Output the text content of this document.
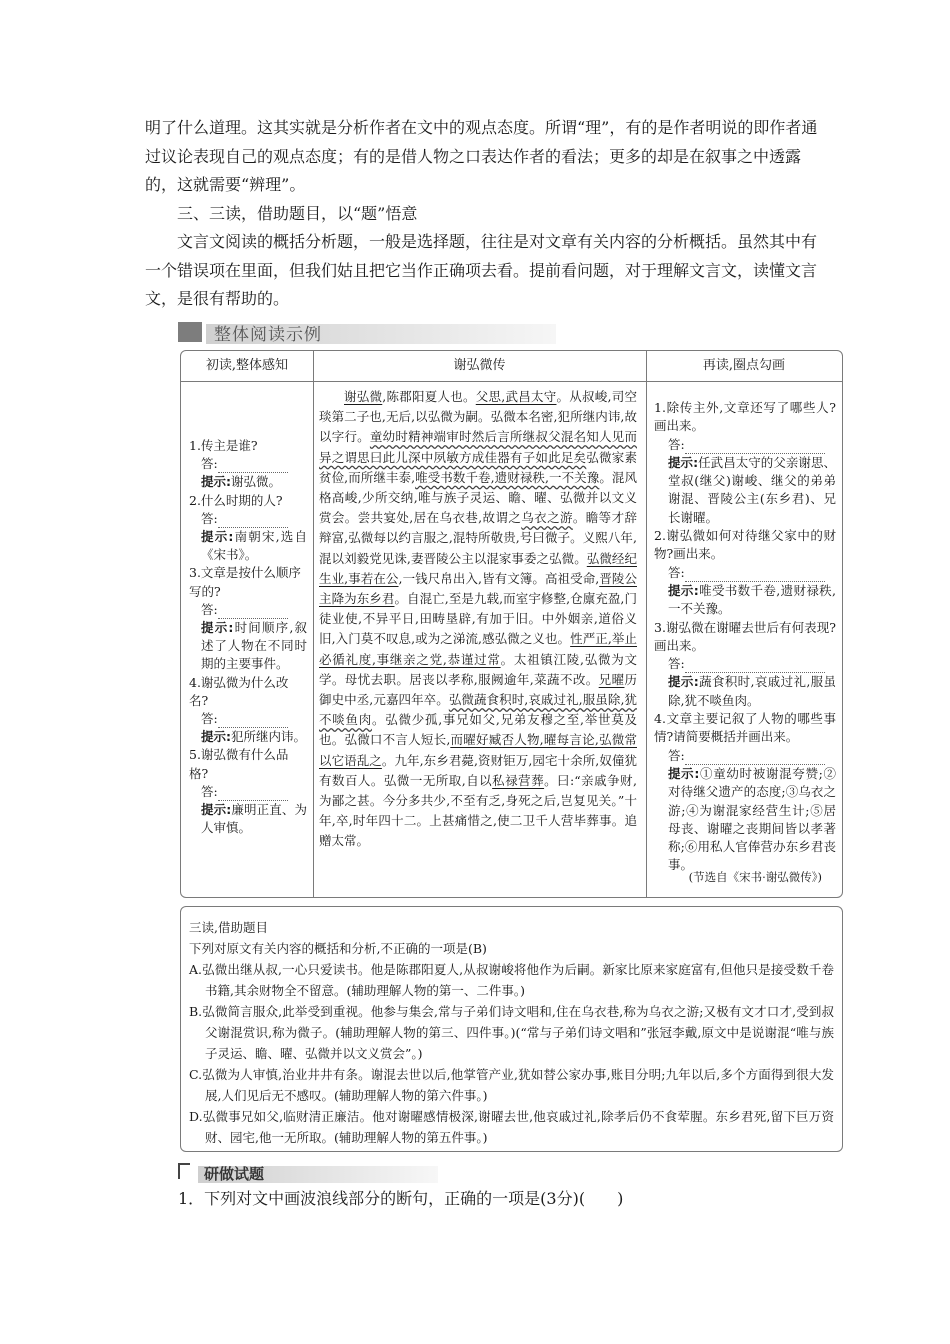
明了什么道理。这其实就是分析作者在文中的观点态度。所谓“理”，有的是作者明说的即作者通过议论表现自己的观点态度；有的是借人物之口表达作者的看法；更多的却是在叙事之中透露的，这就需要“辨理”。

三、三读，借助题目，以“题”悟意

文言文阅读的概括分析题，一般是选择题，往往是对文章有关内容的分析概括。虽然其中有一个错误项在里面，但我们姑且把它当作正确项去看。提前看问题，对于理解文言文，读懂文言文，是很有帮助的。

整体阅读示例
初读,整体感知	谢弘微传	再读,圈点勾画

1.传主是谁?

答:

提示:谢弘微。

2.什么时期的人?

答:

提示:南朝宋,选自《宋书》。

3.文章是按什么顺序写的?

答:

提示:时间顺序,叙述了人物在不同时期的主要事件。

4.谢弘微为什么改名?

答:

提示:犯所继内讳。

5.谢弘微有什么品格?

答:

提示:廉明正直、为人审慎。

谢弘微,陈郡阳夏人也。父思,武昌太守。从叔峻,司空琰第二子也,无后,以弘微为嗣。弘微本名密,犯所继内讳,故以字行。童幼时精神端审时然后言所继叔父混名知人见而异之谓思曰此儿深中夙敏方成佳器有子如此足矣弘微家素贫俭,而所继丰泰,唯受书数千卷,遗财禄秩,一不关豫。混风格高峻,少所交纳,唯与族子灵运、瞻、曜、弘微并以文义赏会。尝共宴处,居在乌衣巷,故谓之乌衣之游。瞻等才辞辩富,弘微每以约言服之,混特所敬贵,号曰微子。义熙八年,混以刘毅党见诛,妻晋陵公主以混家事委之弘微。弘微经纪生业,事若在公,一钱尺帛出入,皆有文簿。高祖受命,晋陵公主降为东乡君。自混亡,至是九载,而室宇修整,仓廪充盈,门徒业使,不异平日,田畴垦辟,有加于旧。中外姻亲,道俗义旧,入门莫不叹息,或为之涕流,感弘微之义也。性严正,举止必循礼度,事继亲之党,恭谨过常。太祖镇江陵,弘微为文学。母忧去职。居丧以孝称,服阙逾年,菜蔬不改。兄曜历御史中丞,元嘉四年卒。弘微蔬食积时,哀戚过礼,服虽除,犹不啖鱼肉。弘微少孤,事兄如父,兄弟友穆之至,举世莫及也。弘微口不言人短长,而曜好臧否人物,曜每言论,弘微常以它语乱之。九年,东乡君薨,资财钜万,园宅十余所,奴僮犹有数百人。弘微一无所取,自以私禄营葬。曰:“亲戚争财,为鄙之甚。今分多共少,不至有乏,身死之后,岂复见关。”十年,卒,时年四十二。上甚痛惜之,使二卫千人营毕葬事。追赠太常。

(节选自《宋书·谢弘微传》)

1.除传主外,文章还写了哪些人?画出来。

答:

提示:任武昌太守的父亲谢思、堂叔(继父)谢峻、继父的弟弟谢混、晋陵公主(东乡君)、兄长谢曜。

2.谢弘微如何对待继父家中的财物?画出来。

答:

提示:唯受书数千卷,遗财禄秩,一不关豫。

3.谢弘微在谢曜去世后有何表现?画出来。

答:

提示:蔬食积时,哀戚过礼,服虽除,犹不啖鱼肉。

4.文章主要记叙了人物的哪些事情?请简要概括并画出来。

答:

提示:①童幼时被谢混夸赞;②对待继父遗产的态度;③乌衣之游;④为谢混家经营生计;⑤居母丧、谢曜之丧期间皆以孝著称;⑥用私人官俸营办东乡君丧事。

三读,借助题目

下列对原文有关内容的概括和分析,不正确的一项是(B)

A.弘微出继从叔,一心只爱读书。他是陈郡阳夏人,从叔谢峻将他作为后嗣。新家比原来家庭富有,但他只是接受数千卷书籍,其余财物全不留意。(辅助理解人物的第一、二件事。)

B.弘微简言服众,此举受到重视。他参与集会,常与子弟们诗文唱和,住在乌衣巷,称为乌衣之游;又极有文才口才,受到叔父谢混赏识,称为微子。(辅助理解人物的第三、四件事。)(“常与子弟们诗文唱和”张冠李戴,原文中是说谢混“唯与族子灵运、瞻、曜、弘微并以文义赏会”。)

C.弘微为人审慎,治业井井有条。谢混去世以后,他掌管产业,犹如替公家办事,账目分明;九年以后,多个方面得到很大发展,人们见后无不感叹。(辅助理解人物的第六件事。)

D.弘微事兄如父,临财清正廉洁。他对谢曜感情极深,谢曜去世,他哀戚过礼,除孝后仍不食荤腥。东乡君死,留下巨万资财、园宅,他一无所取。(辅助理解人物的第五件事。)

研做试题

1．下列对文中画波浪线部分的断句，正确的一项是(3分)(　　)
